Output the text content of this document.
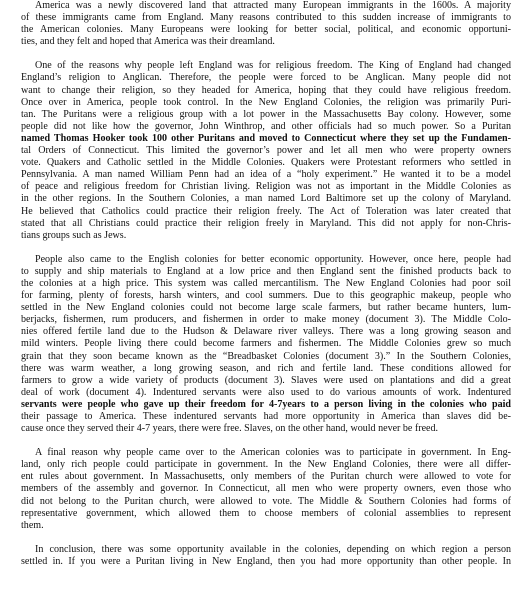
America was a newly discovered land that attracted many European immigrants in the 1600s. A majority
of these immigrants came from England. Many reasons contributed to this sudden increase of immigrants to
the American colonies. Many Europeans were looking for better social, political, and economic opportuni-
ties, and they felt and hoped that America was their dreamland.
One of the reasons why people left England was for religious freedom. The King of England had changed
England’s religion to Anglican. Therefore, the people were forced to be Anglican. Many people did not
want to change their religion, so they headed for America, hoping that they could have religious freedom.
Once over in America, people took control. In the New England Colonies, the religion was primarily Puri-
tan. The Puritans were a religious group with a lot power in the Massachusetts Bay colony. However, some
people did not like how the governor, John Winthrop, and other officials had so much power. So a Puritan
named Thomas Hooker took 100 other Puritans and moved to Connecticut where they set up the Fundamen-
tal Orders of Connecticut. This limited the governor’s power and let all men who were property owners
vote. Quakers and Catholic settled in the Middle Colonies. Quakers were Protestant reformers who settled in
Pennsylvania. A man named William Penn had an idea of a “holy experiment.” He wanted it to be a model
of peace and religious freedom for Christian living. Religion was not as important in the Middle Colonies as
in the other regions. In the Southern Colonies, a man named Lord Baltimore set up the colony of Maryland.
He believed that Catholics could practice their religion freely. The Act of Toleration was later created that
stated that all Christians could practice their religion freely in Maryland. This did not apply for non-Chris-
tians groups such as Jews.
People also came to the English colonies for better economic opportunity. However, once here, people had
to supply and ship materials to England at a low price and then England sent the finished products back to
the colonies at a high price. This system was called mercantilism. The New England Colonies had poor soil
for farming, plenty of forests, harsh winters, and cool summers. Due to this geographic makeup, people who
settled in the New England colonies could not become large scale farmers, but rather became hunters, lum-
berjacks, fishermen, rum producers, and fishermen in order to make money (document 3). The Middle Colo-
nies offered fertile land due to the Hudson & Delaware river valleys. There was a long growing season and
mild winters. People living there could become farmers and fishermen. The Middle Colonies grew so much
grain that they soon became known as the “Breadbasket Colonies (document 3).” In the Southern Colonies,
there was warm weather, a long growing season, and rich and fertile land. These conditions allowed for
farmers to grow a wide variety of products (document 3). Slaves were used on plantations and did a great
deal of work (document 4). Indentured servants were also used to do various amounts of work. Indentured
servants were people who gave up their freedom for 4-7years to a person living in the colonies who paid
their passage to America. These indentured servants had more opportunity in America than slaves did be-
cause once they served their 4-7 years, there were free. Slaves, on the other hand, would never be freed.
A final reason why people came over to the American colonies was to participate in government. In Eng-
land, only rich people could participate in government. In the New England Colonies, there were all differ-
ent rules about government. In Massachusetts, only members of the Puritan church were allowed to vote for
members of the assembly and governor. In Connecticut, all men who were property owners, even those who
did not belong to the Puritan church, were allowed to vote. The Middle & Southern Colonies had forms of
representative government, which allowed them to choose members of colonial assemblies to represent
them.
In conclusion, there was some opportunity available in the colonies, depending on which region a person
settled in. If you were a Puritan living in New England, then you had more opportunity than other people. In
